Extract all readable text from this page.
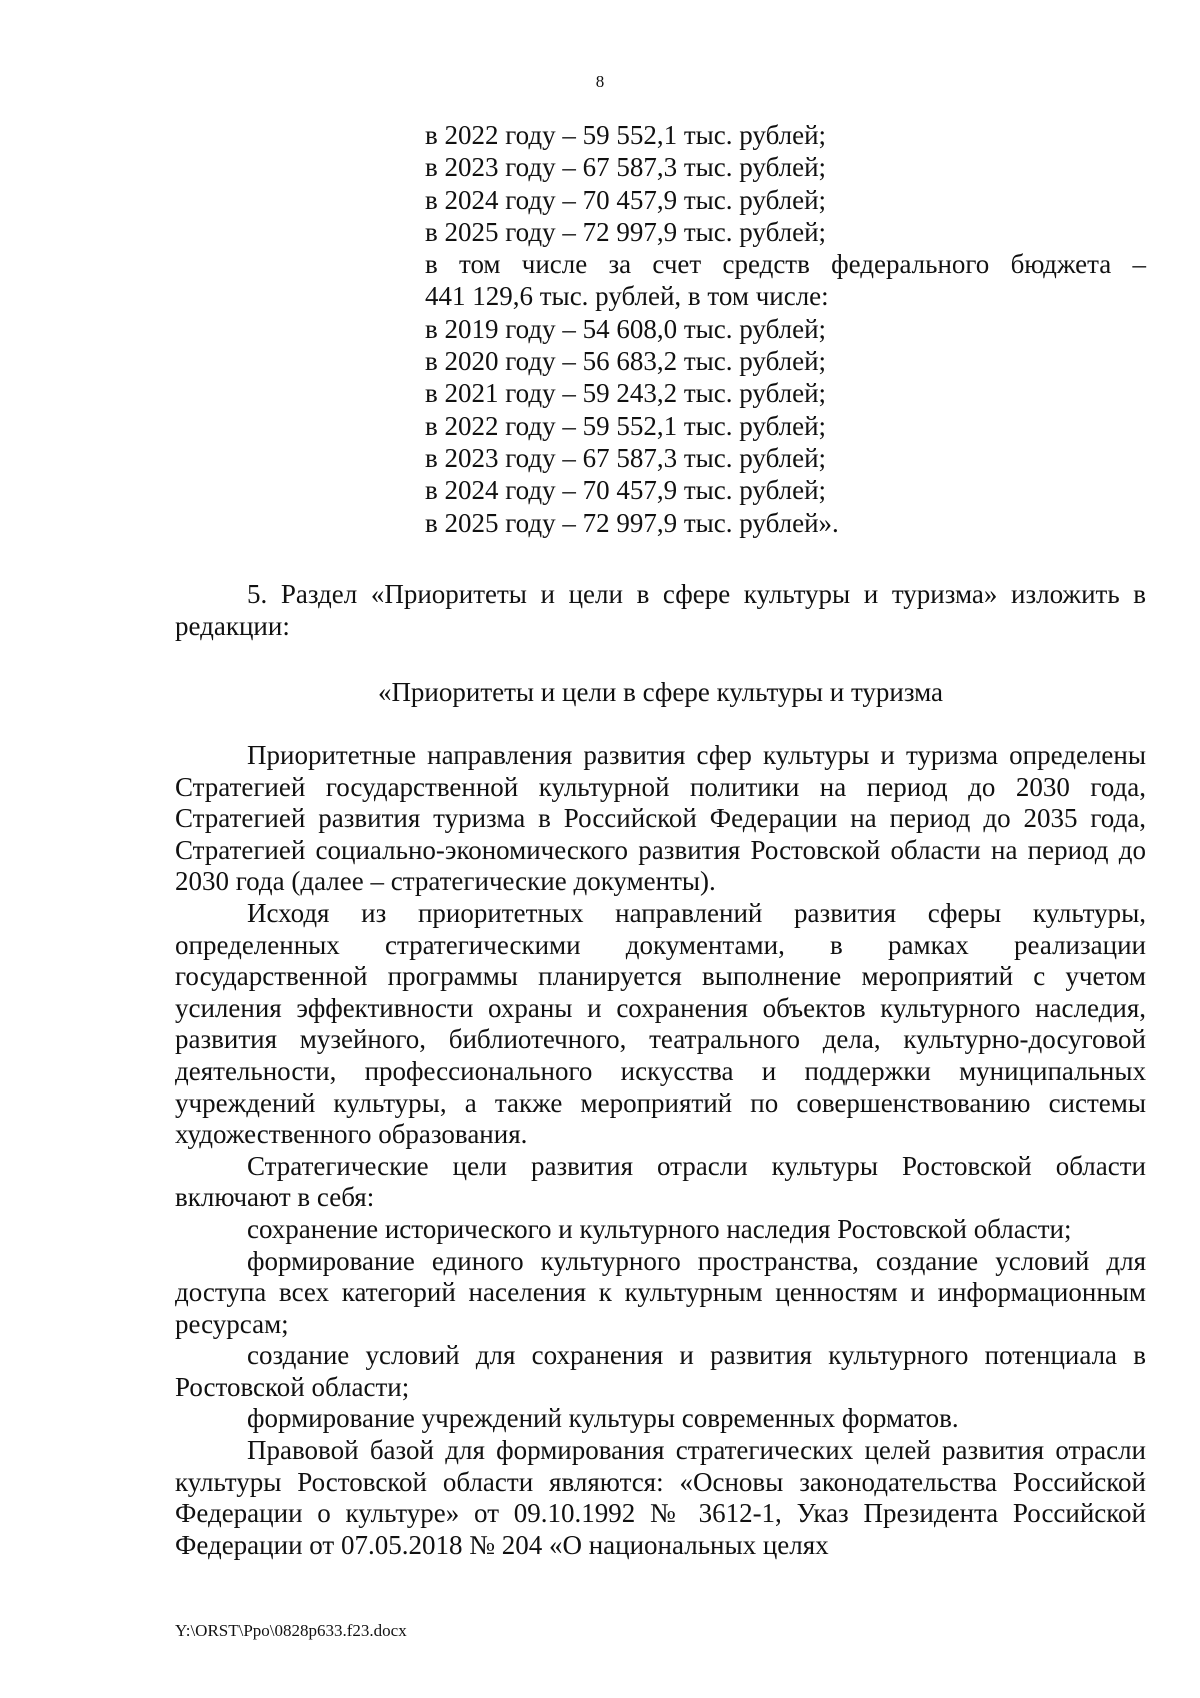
8
в 2022 году – 59 552,1 тыс. рублей;
в 2023 году – 67 587,3 тыс. рублей;
в 2024 году – 70 457,9 тыс. рублей;
в 2025 году – 72 997,9 тыс. рублей;
в том числе за счет средств федерального бюджета –
441 129,6 тыс. рублей, в том числе:
в 2019 году – 54 608,0 тыс. рублей;
в 2020 году – 56 683,2 тыс. рублей;
в 2021 году – 59 243,2 тыс. рублей;
в 2022 году – 59 552,1 тыс. рублей;
в 2023 году – 67 587,3 тыс. рублей;
в 2024 году – 70 457,9 тыс. рублей;
в 2025 году – 72 997,9 тыс. рублей».

5. Раздел «Приоритеты и цели в сфере культуры и туризма» изложить в редакции:

«Приоритеты и цели в сфере культуры и туризма

Приоритетные направления развития сфер культуры и туризма определены Стратегией государственной культурной политики на период до 2030 года, Стратегией развития туризма в Российской Федерации на период до 2035 года, Стратегией социально-экономического развития Ростовской области на период до 2030 года (далее – стратегические документы).

Исходя из приоритетных направлений развития сферы культуры, определенных стратегическими документами, в рамках реализации государственной программы планируется выполнение мероприятий с учетом усиления эффективности охраны и сохранения объектов культурного наследия, развития музейного, библиотечного, театрального дела, культурно-досуговой деятельности, профессионального искусства и поддержки муниципальных учреждений культуры, а также мероприятий по совершенствованию системы художественного образования.

Стратегические цели развития отрасли культуры Ростовской области включают в себя:

сохранение исторического и культурного наследия Ростовской области;

формирование единого культурного пространства, создание условий для доступа всех категорий населения к культурным ценностям и информационным ресурсам;

создание условий для сохранения и развития культурного потенциала в Ростовской области;

формирование учреждений культуры современных форматов.

Правовой базой для формирования стратегических целей развития отрасли культуры Ростовской области являются: «Основы законодательства Российской Федерации о культуре» от 09.10.1992 № 3612-1, Указ Президента Российской Федерации от 07.05.2018 № 204 «О национальных целях

Y:\ORST\Ppo\0828p633.f23.docx
